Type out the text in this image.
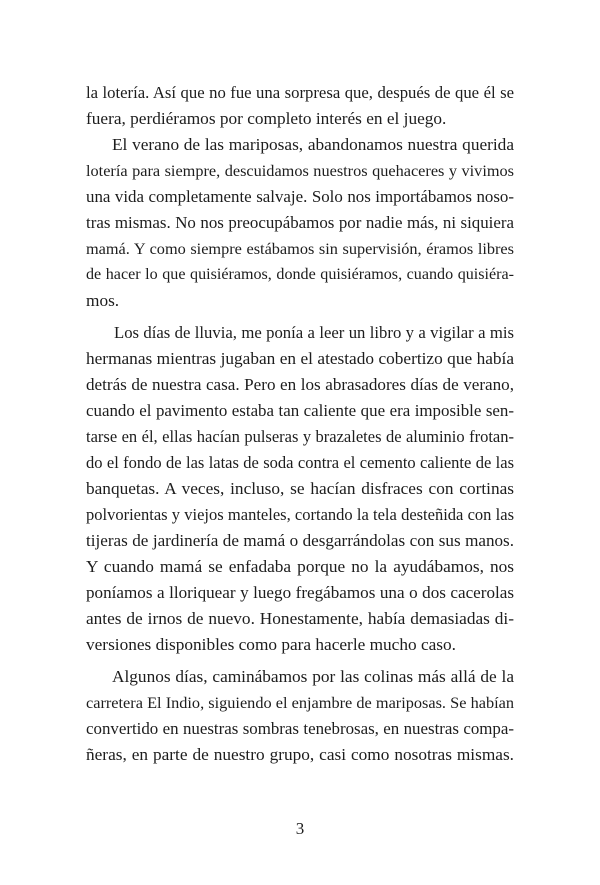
la lotería. Así que no fue una sorpresa que, después de que él se

fuera, perdiéramos por completo interés en el juego.

El verano de las mariposas, abandonamos nuestra querida

lotería para siempre, descuidamos nuestros quehaceres y vivimos

una vida completamente salvaje. Solo nos importábamos noso-

tras mismas. No nos preocupábamos por nadie más, ni siquiera

mamá. Y como siempre estábamos sin supervisión, éramos libres

de hacer lo que quisiéramos, donde quisiéramos, cuando quisiéra-

mos.

Los días de lluvia, me ponía a leer un libro y a vigilar a mis

hermanas mientras jugaban en el atestado cobertizo que había

detrás de nuestra casa. Pero en los abrasadores días de verano,

cuando el pavimento estaba tan caliente que era imposible sen-

tarse en él, ellas hacían pulseras y brazaletes de aluminio frotan-

do el fondo de las latas de soda contra el cemento caliente de las

banquetas. A veces, incluso, se hacían disfraces con cortinas

polvorientas y viejos manteles, cortando la tela desteñida con las

tijeras de jardinería de mamá o desgarrándolas con sus manos.

Y cuando mamá se enfadaba porque no la ayudábamos, nos

poníamos a lloriquear y luego fregábamos una o dos cacerolas

antes de irnos de nuevo. Honestamente, había demasiadas di-

versiones disponibles como para hacerle mucho caso.

Algunos días, caminábamos por las colinas más allá de la

carretera El Indio, siguiendo el enjambre de mariposas. Se habían

convertido en nuestras sombras tenebrosas, en nuestras compa-

ñeras, en parte de nuestro grupo, casi como nosotras mismas.

3
